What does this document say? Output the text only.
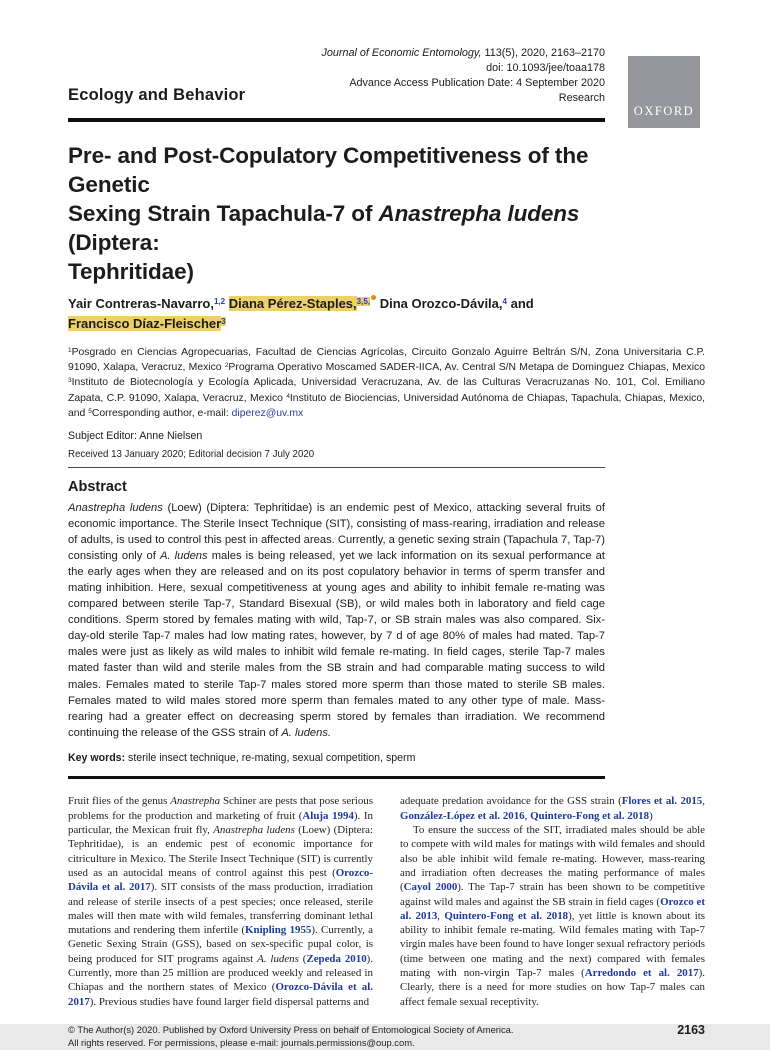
OXFORD
Ecology and Behavior
Journal of Economic Entomology, 113(5), 2020, 2163–2170
doi: 10.1093/jee/toaa178
Advance Access Publication Date: 4 September 2020
Research
Pre- and Post-Copulatory Competitiveness of the Genetic
Sexing Strain Tapachula-7 of Anastrepha ludens (Diptera:
Tephritidae)
Yair Contreras-Navarro,$^{1,2}$ Diana Pérez-Staples,$^{3,5,}$ Dina Orozco-Dávila,$^4$ and
Francisco Díaz-Fleischer$^3$
$^1$Posgrado en Ciencias Agropecuarias, Facultad de Ciencias Agrícolas, Circuito Gonzalo Aguirre Beltrán S/N, Zona Universitaria C.P. 91090, Xalapa, Veracruz, Mexico $^2$Programa Operativo Moscamed SADER-IICA, Av. Central S/N Metapa de Dominguez Chiapas, Mexico $^3$Instituto de Biotecnología y Ecología Aplicada, Universidad Veracruzana, Av. de las Culturas Veracruzanas No. 101, Col. Emiliano Zapata, C.P. 91090, Xalapa, Veracruz, Mexico $^4$Instituto de Biociencias, Universidad Autónoma de Chiapas, Tapachula, Chiapas, Mexico, and $^5$Corresponding author, e-mail: diperez@uv.mx
Subject Editor: Anne Nielsen
Received 13 January 2020; Editorial decision 7 July 2020
Abstract
Anastrepha ludens (Loew) (Diptera: Tephritidae) is an endemic pest of Mexico, attacking several fruits of economic importance. The Sterile Insect Technique (SIT), consisting of mass-rearing, irradiation and release of adults, is used to control this pest in affected areas. Currently, a genetic sexing strain (Tapachula 7, Tap-7) consisting only of A. ludens males is being released, yet we lack information on its sexual performance at the early ages when they are released and on its post copulatory behavior in terms of sperm transfer and mating inhibition. Here, sexual competitiveness at young ages and ability to inhibit female re-mating was compared between sterile Tap-7, Standard Bisexual (SB), or wild males both in laboratory and field cage conditions. Sperm stored by females mating with wild, Tap-7, or SB strain males was also compared. Six-day-old sterile Tap-7 males had low mating rates, however, by 7 d of age 80% of males had mated. Tap-7 males were just as likely as wild males to inhibit wild female re-mating. In field cages, sterile Tap-7 males mated faster than wild and sterile males from the SB strain and had comparable mating success to wild males. Females mated to sterile Tap-7 males stored more sperm than those mated to sterile SB males. Females mated to wild males stored more sperm than females mated to any other type of male. Mass-rearing had a greater effect on decreasing sperm stored by females than irradiation. We recommend continuing the release of the GSS strain of A. ludens.
Key words: sterile insect technique, re-mating, sexual competition, sperm

Fruit flies of the genus Anastrepha Schiner are pests that pose serious problems for the production and marketing of fruit (Aluja 1994). In particular, the Mexican fruit fly, Anastrepha ludens (Loew) (Diptera: Tephritidae), is an endemic pest of economic importance for citriculture in Mexico. The Sterile Insect Technique (SIT) is currently used as an autocidal means of control against this pest (Orozco-Dávila et al. 2017). SIT consists of the mass production, irradiation and release of sterile insects of a pest species; once released, sterile males will then mate with wild females, transferring dominant lethal mutations and rendering them infertile (Knipling 1955). Currently, a Genetic Sexing Strain (GSS), based on sex-specific pupal color, is being produced for SIT programs against A. ludens (Zepeda 2010). Currently, more than 25 million are produced weekly and released in Chiapas and the northern states of Mexico (Orozco-Dávila et al. 2017). Previous studies have found larger field dispersal patterns and

adequate predation avoidance for the GSS strain (Flores et al. 2015, González-López et al. 2016, Quintero-Fong et al. 2018)

To ensure the success of the SIT, irradiated males should be able to compete with wild males for matings with wild females and should also be able inhibit wild female re-mating. However, mass-rearing and irradiation often decreases the mating performance of males (Cayol 2000). The Tap-7 strain has been shown to be competitive against wild males and against the SB strain in field cages (Orozco et al. 2013, Quintero-Fong et al. 2018), yet little is known about its ability to inhibit female re-mating. Wild females mating with Tap-7 virgin males have been found to have longer sexual refractory periods (time between one mating and the next) compared with females mating with non-virgin Tap-7 males (Arredondo et al. 2017). Clearly, there is a need for more studies on how Tap-7 males can affect female sexual receptivity.

© The Author(s) 2020. Published by Oxford University Press on behalf of Entomological Society of America.
All rights reserved. For permissions, please e-mail: journals.permissions@oup.com.
2163
